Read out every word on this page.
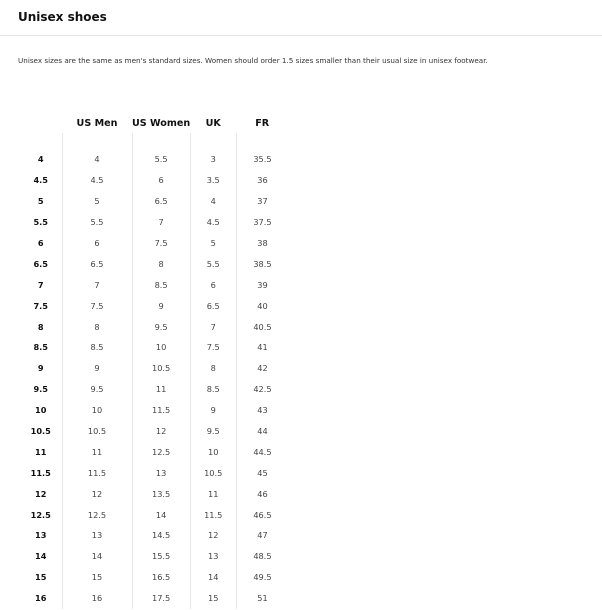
Unisex shoes
Unisex sizes are the same as men's standard sizes. Women should order 1.5 sizes smaller than their usual size in unisex footwear.
	US Men	US Women	UK	FR

4	4	5.5	3	35.5
4.5	4.5	6	3.5	36
5	5	6.5	4	37
5.5	5.5	7	4.5	37.5
6	6	7.5	5	38
6.5	6.5	8	5.5	38.5
7	7	8.5	6	39
7.5	7.5	9	6.5	40
8	8	9.5	7	40.5
8.5	8.5	10	7.5	41
9	9	10.5	8	42
9.5	9.5	11	8.5	42.5
10	10	11.5	9	43
10.5	10.5	12	9.5	44
11	11	12.5	10	44.5
11.5	11.5	13	10.5	45
12	12	13.5	11	46
12.5	12.5	14	11.5	46.5
13	13	14.5	12	47
14	14	15.5	13	48.5
15	15	16.5	14	49.5
16	16	17.5	15	51
